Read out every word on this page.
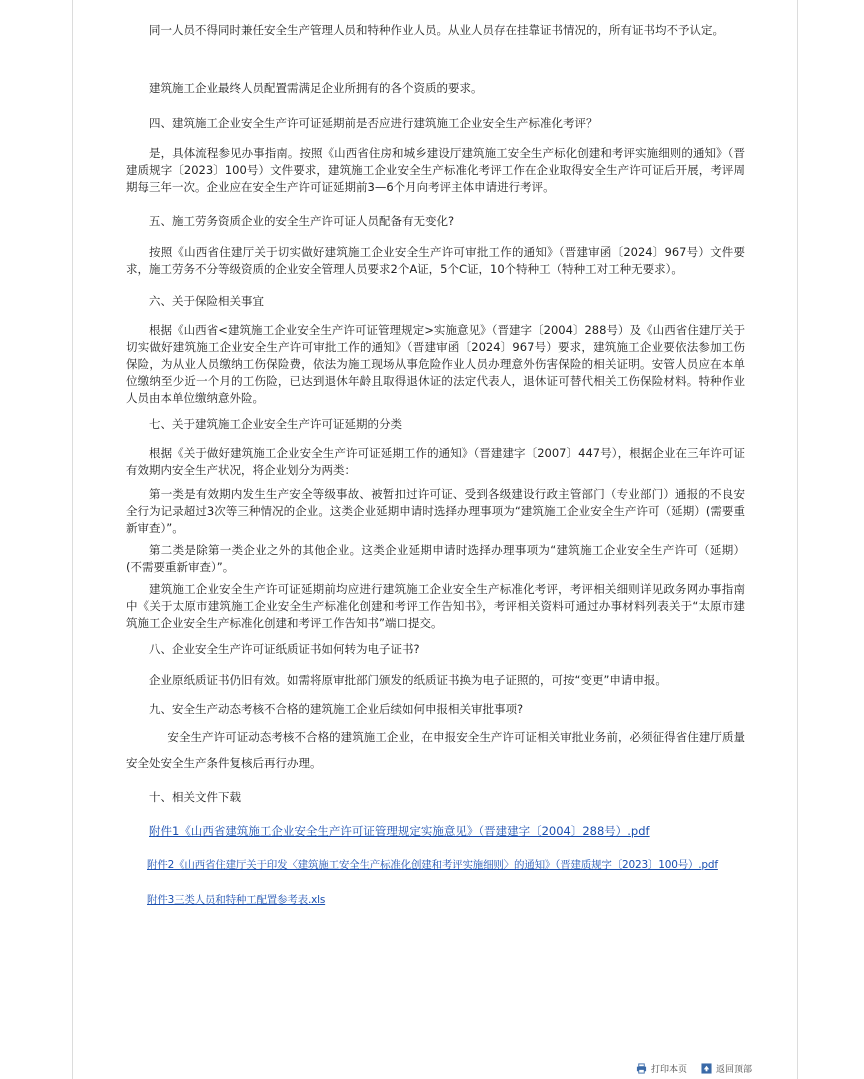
同一人员不得同时兼任安全生产管理人员和特种作业人员。从业人员存在挂靠证书情况的，所有证书均不予认定。

建筑施工企业最终人员配置需满足企业所拥有的各个资质的要求。

四、建筑施工企业安全生产许可证延期前是否应进行建筑施工企业安全生产标准化考评？

是，具体流程参见办事指南。按照《山西省住房和城乡建设厅建筑施工安全生产标化创建和考评实施细则的通知》（晋建质规字〔2023〕100号）文件要求，建筑施工企业安全生产标准化考评工作在企业取得安全生产许可证后开展，考评周期每三年一次。企业应在安全生产许可证延期前3—6个月向考评主体申请进行考评。

五、施工劳务资质企业的安全生产许可证人员配备有无变化?

按照《山西省住建厅关于切实做好建筑施工企业安全生产许可审批工作的通知》（晋建审函〔2024〕967号）文件要求，施工劳务不分等级资质的企业安全管理人员要求2个A证，5个C证，10个特种工（特种工对工种无要求）。

六、关于保险相关事宜

根据《山西省<建筑施工企业安全生产许可证管理规定>实施意见》（晋建字〔2004〕288号）及《山西省住建厅关于切实做好建筑施工企业安全生产许可审批工作的通知》（晋建审函〔2024〕967号）要求，建筑施工企业要依法参加工伤保险，为从业人员缴纳工伤保险费，依法为施工现场从事危险作业人员办理意外伤害保险的相关证明。安管人员应在本单位缴纳至少近一个月的工伤险，已达到退休年龄且取得退休证的法定代表人，退休证可替代相关工伤保险材料。特种作业人员由本单位缴纳意外险。

七、关于建筑施工企业安全生产许可证延期的分类

根据《关于做好建筑施工企业安全生产许可证延期工作的通知》（晋建建字〔2007〕447号），根据企业在三年许可证有效期内安全生产状况，将企业划分为两类：

第一类是有效期内发生生产安全等级事故、被暂扣过许可证、受到各级建设行政主管部门（专业部门）通报的不良安全行为记录超过3次等三种情况的企业。这类企业延期申请时选择办理事项为“建筑施工企业安全生产许可（延期）(需要重新审查）”。

第二类是除第一类企业之外的其他企业。这类企业延期申请时选择办理事项为“建筑施工企业安全生产许可（延期）(不需要重新审查）”。

建筑施工企业安全生产许可证延期前均应进行建筑施工企业安全生产标准化考评，考评相关细则详见政务网办事指南中《关于太原市建筑施工企业安全生产标准化创建和考评工作告知书》，考评相关资料可通过办事材料列表关于“太原市建筑施工企业安全生产标准化创建和考评工作告知书”端口提交。

八、企业安全生产许可证纸质证书如何转为电子证书?

企业原纸质证书仍旧有效。如需将原审批部门颁发的纸质证书换为电子证照的，可按“变更”申请申报。

九、安全生产动态考核不合格的建筑施工企业后续如何申报相关审批事项?

安全生产许可证动态考核不合格的建筑施工企业，在申报安全生产许可证相关审批业务前，必须征得省住建厅质量安全处安全生产条件复核后再行办理。

十、相关文件下载

附件1《山西省建筑施工企业安全生产许可证管理规定实施意见》（晋建建字〔2004〕288号）.pdf
附件2《山西省住建厅关于印发〈建筑施工安全生产标准化创建和考评实施细则〉的通知》（晋建质规字〔2023〕100号）.pdf
附件3三类人员和特种工配置参考表.xls
打印本页	返回顶部
